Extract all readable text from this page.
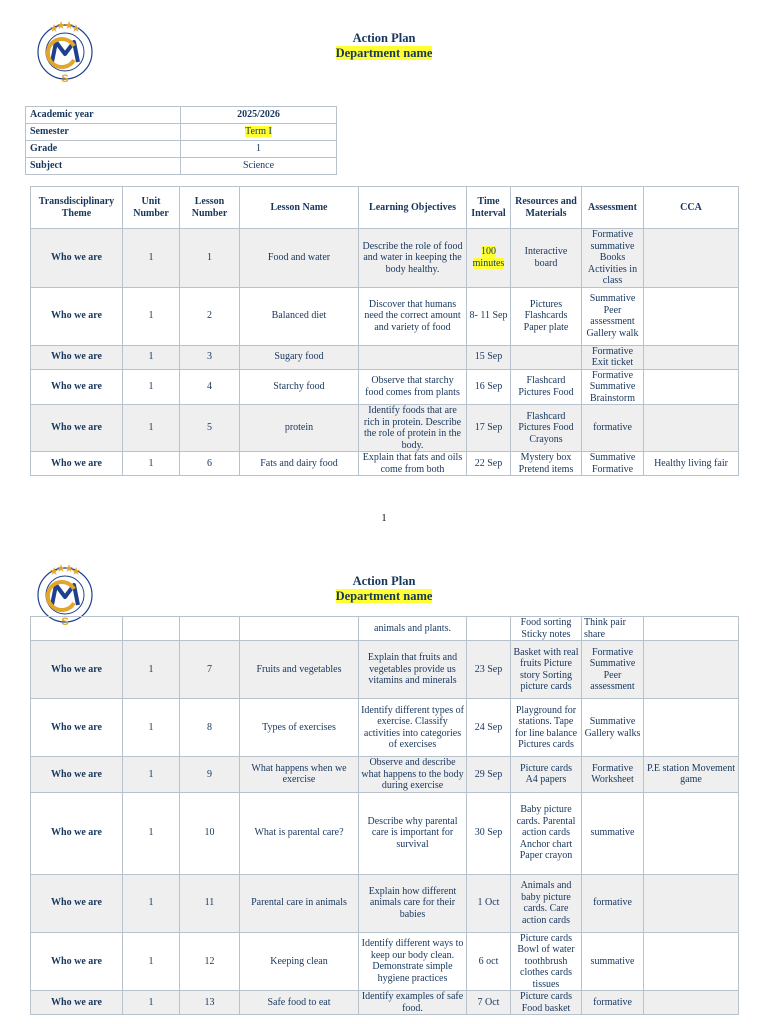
S
Action Plan
Department name
Academic year	2025/2026
Semester	Term I
Grade	1
Subject	Science
Transdisciplinary Theme	Unit Number	Lesson Number	Lesson Name	Learning Objectives	Time Interval	Resources and Materials	Assessment	CCA
Who we are	1	1	Food and water	Describe the role of food and water in keeping the body healthy.	100 minutes	Interactive board	Formative summative Books Activities in class	
Who we are	1	2	Balanced diet	Discover that humans need the correct amount and variety of food	8- 11 Sep	Pictures Flashcards Paper plate	Summative Peer assessment Gallery walk	
Who we are	1	3	Sugary food		15 Sep		Formative Exit ticket	
Who we are	1	4	Starchy food	Observe that starchy food comes from plants	16 Sep	Flashcard Pictures Food	Formative Summative Brainstorm	
Who we are	1	5	protein	Identify foods that are rich in protein. Describe the role of protein in the body.	17 Sep	Flashcard Pictures Food Crayons	formative	
Who we are	1	6	Fats and dairy food	Explain that fats and oils come from both	22 Sep	Mystery box Pretend items	Summative Formative	Healthy living fair
1
S
Action Plan
Department name
				animals and plants.		Food sorting Sticky notes	Think pair share	
Who we are	1	7	Fruits and vegetables	Explain that fruits and vegetables provide us vitamins and minerals	23 Sep	Basket with real fruits Picture story Sorting picture cards	Formative Summative Peer assessment	
Who we are	1	8	Types of exercises	Identify different types of exercise. Classify activities into categories of exercises	24 Sep	Playground for stations. Tape for line balance Pictures cards	Summative Gallery walks	
Who we are	1	9	What happens when we exercise	Observe and describe what happens to the body during exercise	29 Sep	Picture cards A4 papers	Formative Worksheet	P.E station Movement game
Who we are	1	10	What is parental care?	Describe why parental care is important for survival	30 Sep	Baby picture cards. Parental action cards Anchor chart Paper crayon	summative	
Who we are	1	11	Parental care in animals	Explain how different animals care for their babies	1 Oct	Animals and baby picture cards. Care action cards	formative	
Who we are	1	12	Keeping clean	Identify different ways to keep our body clean. Demonstrate simple hygiene practices	6 oct	Picture cards Bowl of water toothbrush clothes cards tissues	summative	
Who we are	1	13	Safe food to eat	Identify examples of safe food.	7 Oct	Picture cards Food basket	formative	
